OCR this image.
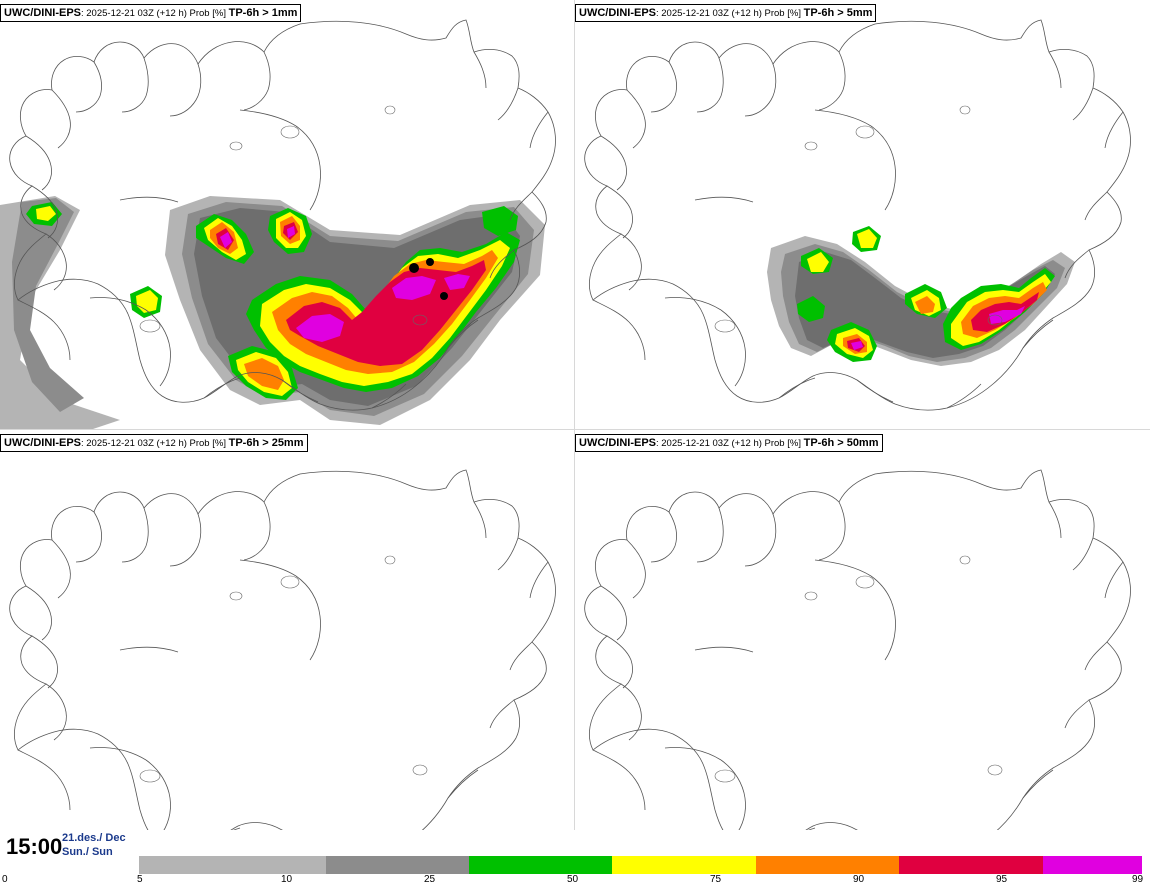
UWC/DINI-EPS: 2025-12-21 03Z (+12 h) Prob [%] TP-6h > 1mm	UWC/DINI-EPS: 2025-12-21 03Z (+12 h) Prob [%] TP-6h > 5mm
UWC/DINI-EPS: 2025-12-21 03Z (+12 h) Prob [%] TP-6h > 25mm	UWC/DINI-EPS: 2025-12-21 03Z (+12 h) Prob [%] TP-6h > 50mm
15:00 21.des./ Dec
Sun./ Sun
0	5	10	25	50	75	90	95	99
